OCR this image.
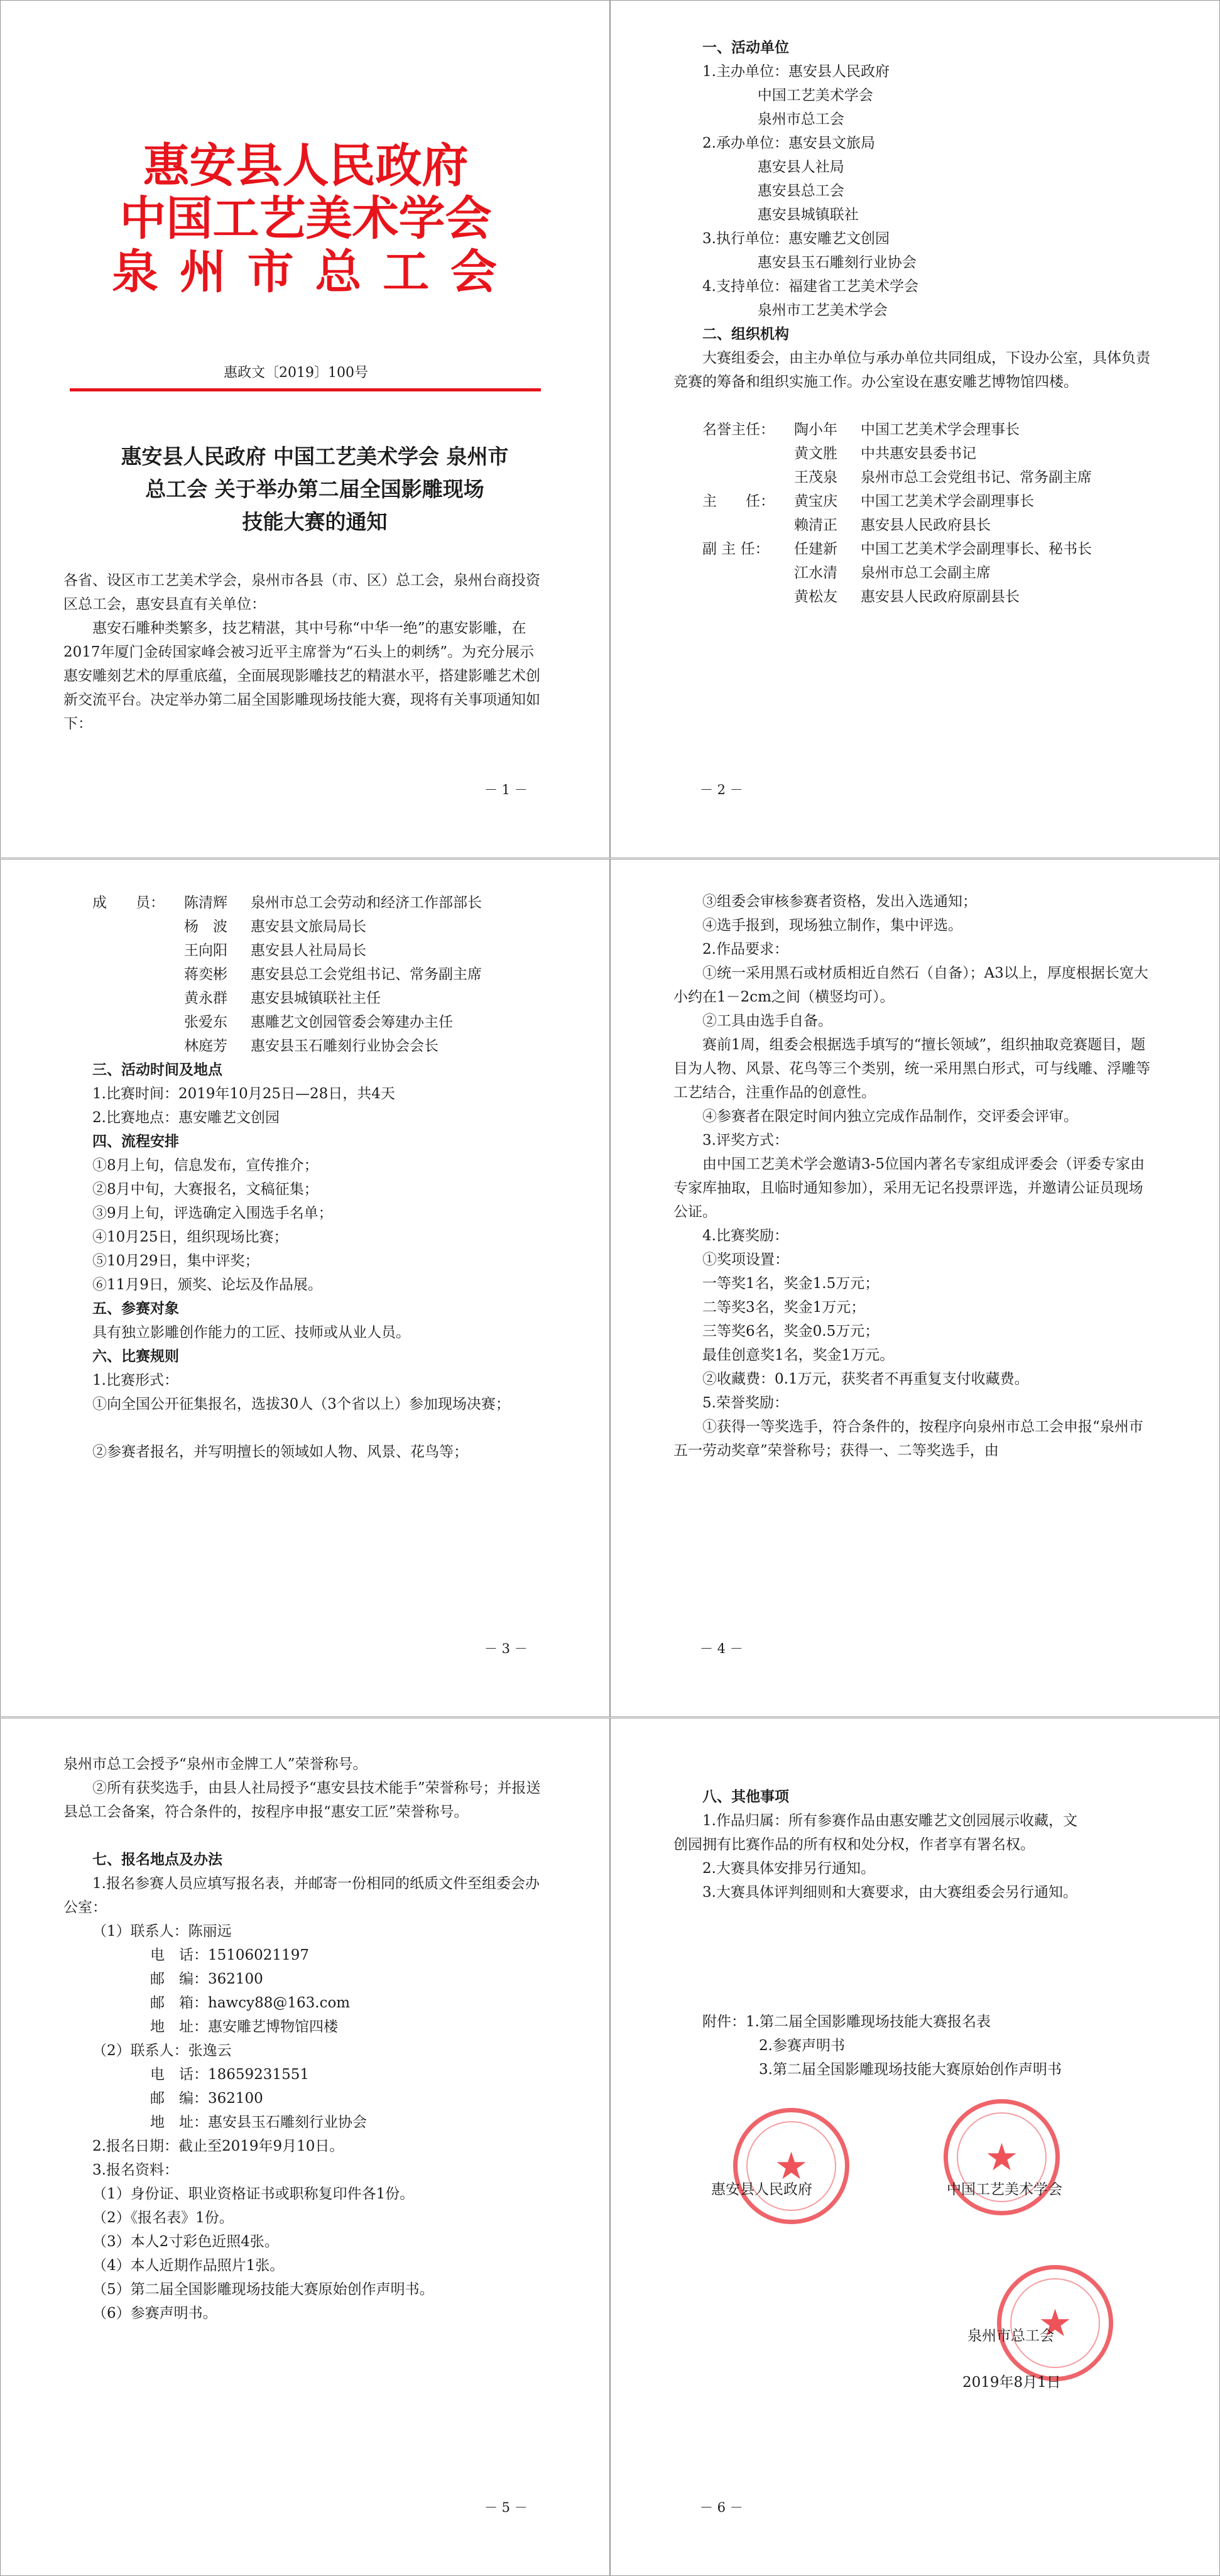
惠安县人民政府
中国工艺美术学会
泉 州 市 总 工 会
惠政文〔2019〕100号
惠安县人民政府 中国工艺美术学会 泉州市
总工会 关于举办第二届全国影雕现场
技能大赛的通知
各省、设区市工艺美术学会，泉州市各县（市、区）总工会，泉州台商投资区总工会，惠安县直有关单位：
惠安石雕种类繁多，技艺精湛，其中号称“中华一绝”的惠安影雕，在2017年厦门金砖国家峰会被习近平主席誉为“石头上的刺绣”。为充分展示惠安雕刻艺术的厚重底蕴，全面展现影雕技艺的精湛水平，搭建影雕艺术创新交流平台。决定举办第二届全国影雕现场技能大赛，现将有关事项通知如下：
－ 1 －
一、活动单位
1.主办单位：惠安县人民政府
中国工艺美术学会
泉州市总工会
2.承办单位：惠安县文旅局
惠安县人社局
惠安县总工会
惠安县城镇联社
3.执行单位：惠安雕艺文创园
惠安县玉石雕刻行业协会
4.支持单位：福建省工艺美术学会
泉州市工艺美术学会
二、组织机构
大赛组委会，由主办单位与承办单位共同组成，下设办公室，具体负责竞赛的筹备和组织实施工作。办公室设在惠安雕艺博物馆四楼。
名誉主任： 陶小年 中国工艺美术学会理事长
黄文胜 中共惠安县委书记
王茂泉 泉州市总工会党组书记、常务副主席
主　　任： 黄宝庆 中国工艺美术学会副理事长
赖清正 惠安县人民政府县长
副 主 任： 任建新 中国工艺美术学会副理事长、秘书长
江水清 泉州市总工会副主席
黄松友 惠安县人民政府原副县长
－ 2 －
成　　员： 陈清辉 泉州市总工会劳动和经济工作部部长
杨　波 惠安县文旅局局长
王向阳 惠安县人社局局长
蒋奕彬 惠安县总工会党组书记、常务副主席
黄永群 惠安县城镇联社主任
张爱东 惠雕艺文创园管委会筹建办主任
林庭芳 惠安县玉石雕刻行业协会会长
三、活动时间及地点
1.比赛时间：2019年10月25日—28日，共4天
2.比赛地点：惠安雕艺文创园
四、流程安排
①8月上旬，信息发布，宣传推介；
②8月中旬，大赛报名，文稿征集；
③9月上旬，评选确定入围选手名单；
④10月25日，组织现场比赛；
⑤10月29日，集中评奖；
⑥11月9日，颁奖、论坛及作品展。
五、参赛对象
具有独立影雕创作能力的工匠、技师或从业人员。
六、比赛规则
1.比赛形式：
①向全国公开征集报名，选拔30人（3个省以上）参加现场决赛；
②参赛者报名，并写明擅长的领域如人物、风景、花鸟等；
－ 3 －
③组委会审核参赛者资格，发出入选通知；
④选手报到，现场独立制作，集中评选。
2.作品要求：
①统一采用黑石或材质相近自然石（自备）；A3以上，厚度根据长宽大小约在1－2cm之间（横竖均可）。
②工具由选手自备。
赛前1周，组委会根据选手填写的“擅长领域”，组织抽取竞赛题目，题目为人物、风景、花鸟等三个类别，统一采用黑白形式，可与线雕、浮雕等工艺结合，注重作品的创意性。
④参赛者在限定时间内独立完成作品制作，交评委会评审。
3.评奖方式：
由中国工艺美术学会邀请3-5位国内著名专家组成评委会（评委专家由专家库抽取，且临时通知参加），采用无记名投票评选，并邀请公证员现场公证。
4.比赛奖励：
①奖项设置：
一等奖1名，奖金1.5万元；
二等奖3名，奖金1万元；
三等奖6名，奖金0.5万元；
最佳创意奖1名，奖金1万元。
②收藏费：0.1万元，获奖者不再重复支付收藏费。
5.荣誉奖励：
①获得一等奖选手，符合条件的，按程序向泉州市总工会申报“泉州市五一劳动奖章”荣誉称号；获得一、二等奖选手，由
－ 4 －
泉州市总工会授予“泉州市金牌工人”荣誉称号。
②所有获奖选手，由县人社局授予“惠安县技术能手”荣誉称号；并报送县总工会备案，符合条件的，按程序申报“惠安工匠”荣誉称号。
七、报名地点及办法
1.报名参赛人员应填写报名表，并邮寄一份相同的纸质文件至组委会办公室：
（1）联系人：陈丽远
电　话：15106021197
邮　编：362100
邮　箱：hawcy88@163.com
地　址：惠安雕艺博物馆四楼
（2）联系人：张逸云
电　话：18659231551
邮　编：362100
地　址：惠安县玉石雕刻行业协会
2.报名日期：截止至2019年9月10日。
3.报名资料：
（1）身份证、职业资格证书或职称复印件各1份。
（2）《报名表》1份。
（3）本人2寸彩色近照4张。
（4）本人近期作品照片1张。
（5）第二届全国影雕现场技能大赛原始创作声明书。
（6）参赛声明书。
－ 5 －
八、其他事项
1.作品归属：所有参赛作品由惠安雕艺文创园展示收藏，文
创园拥有比赛作品的所有权和处分权，作者享有署名权。
2.大赛具体安排另行通知。
3.大赛具体评判细则和大赛要求，由大赛组委会另行通知。
附件：1.第二届全国影雕现场技能大赛报名表
2.参赛声明书
3.第二届全国影雕现场技能大赛原始创作声明书
★	★
★
惠安县人民政府	中国工艺美术学会
泉州市总工会
2019年8月1日
－ 6 －
